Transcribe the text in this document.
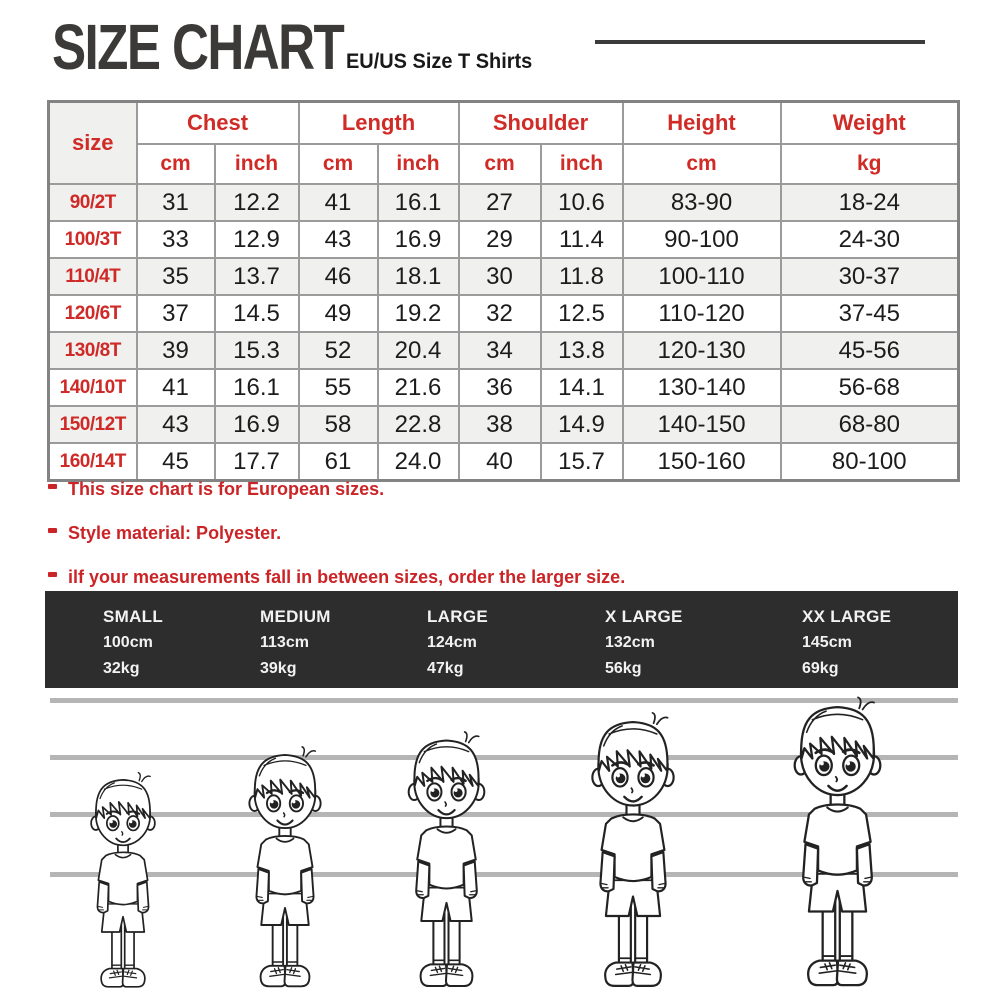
SIZE CHART EU/US Size T Shirts
size	Chest		Length		Shoulder		Height	Weight
	cm	inch	cm	inch	cm	inch	cm	kg
90/2T	31	12.2	41	16.1	27	10.6	83-90	18-24
100/3T	33	12.9	43	16.9	29	11.4	90-100	24-30
110/4T	35	13.7	46	18.1	30	11.8	100-110	30-37
120/6T	37	14.5	49	19.2	32	12.5	110-120	37-45
130/8T	39	15.3	52	20.4	34	13.8	120-130	45-56
140/10T	41	16.1	55	21.6	36	14.1	130-140	56-68
150/12T	43	16.9	58	22.8	38	14.9	140-150	68-80
160/14T	45	17.7	61	24.0	40	15.7	150-160	80-100
This size chart is for European sizes.
Style material: Polyester.
ilf your measurements fall in between sizes, order the larger size.
SMALL
100cm
32kg
MEDIUM
113cm
39kg
LARGE
124cm
47kg
X LARGE
132cm
56kg
XX LARGE
145cm
69kg
